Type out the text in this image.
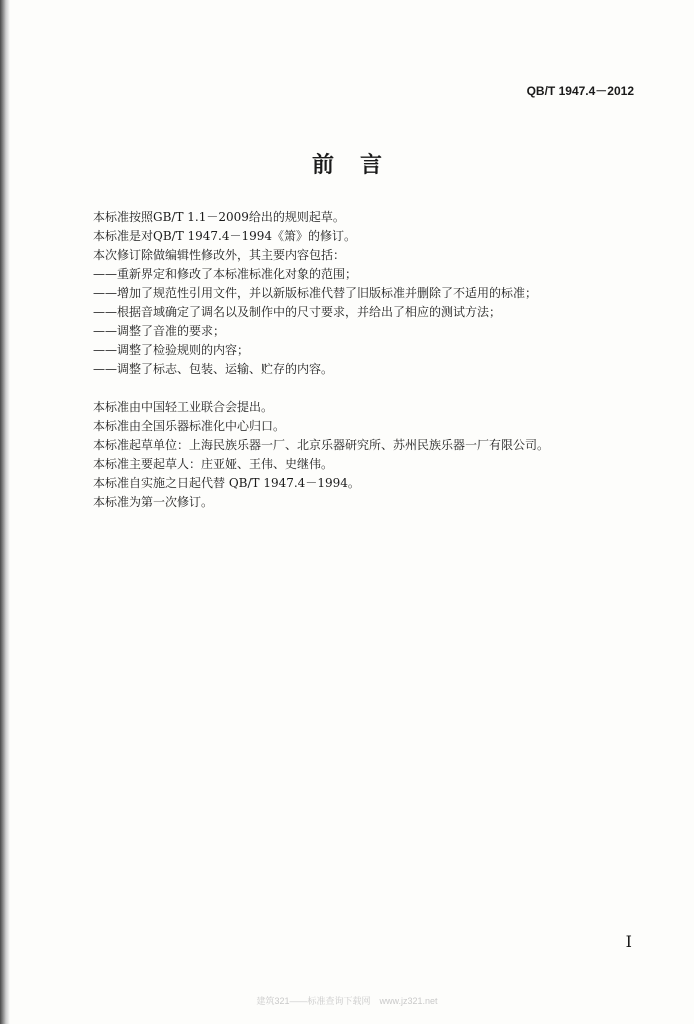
QB/T 1947.4－2012
前言
本标准按照GB/T 1.1－2009给出的规则起草。
本标准是对QB/T 1947.4－1994《箫》的修订。
本次修订除做编辑性修改外，其主要内容包括：
——重新界定和修改了本标准标准化对象的范围；
——增加了规范性引用文件，并以新版标准代替了旧版标准并删除了不适用的标准；
——根据音域确定了调名以及制作中的尺寸要求，并给出了相应的测试方法；
——调整了音准的要求；
——调整了检验规则的内容；
——调整了标志、包装、运输、贮存的内容。
本标准由中国轻工业联合会提出。
本标准由全国乐器标准化中心归口。
本标准起草单位：上海民族乐器一厂、北京乐器研究所、苏州民族乐器一厂有限公司。
本标准主要起草人：庄亚娅、王伟、史继伟。
本标准自实施之日起代替 QB/T 1947.4－1994。
本标准为第一次修订。
I
建筑321——标准查询下载网　www.jz321.net
